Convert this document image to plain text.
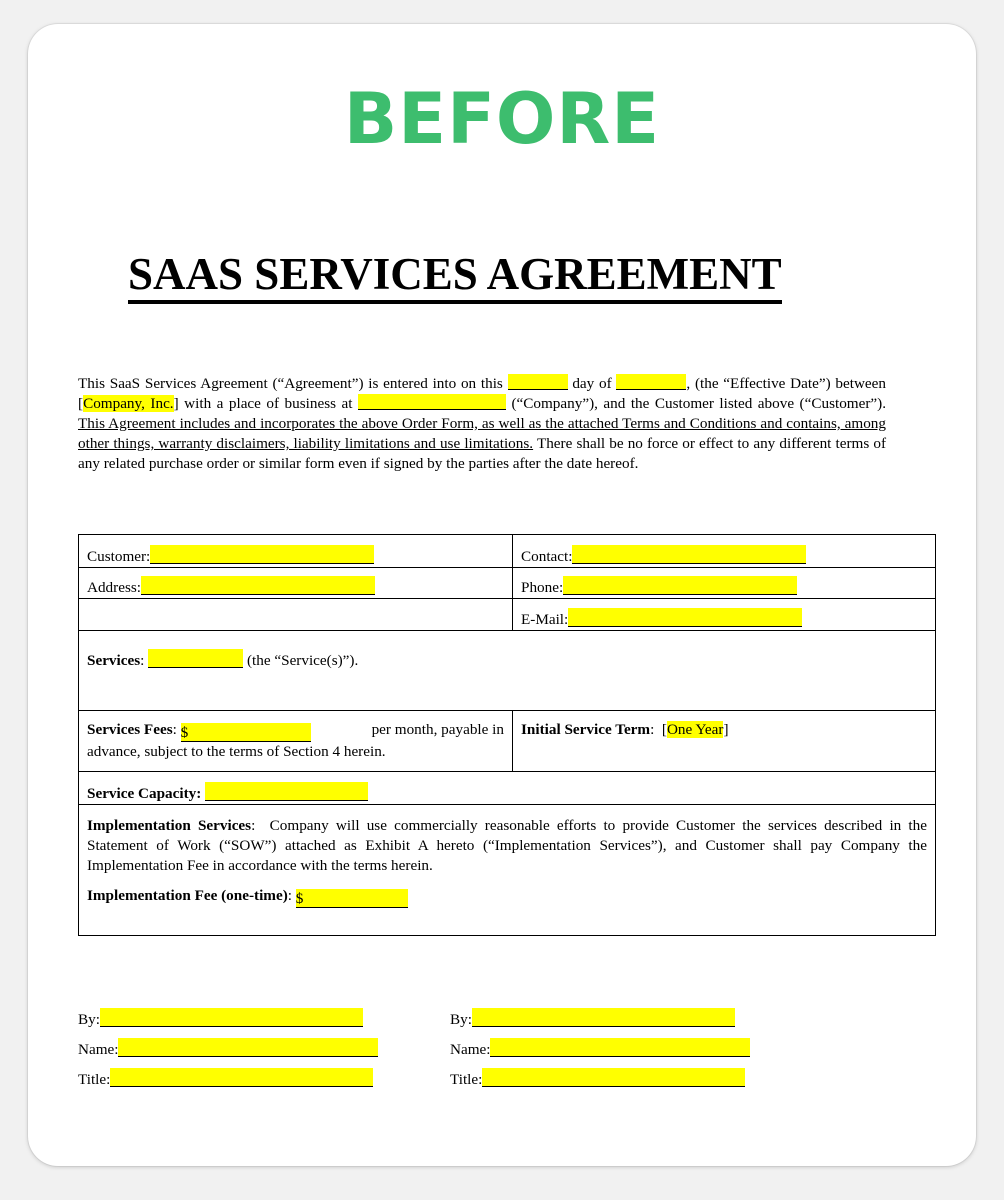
BEFORE
SAAS SERVICES AGREEMENT

This SaaS Services Agreement (“Agreement”) is entered into on this	day of	, (the “Effective Date”) between [Company, Inc.] with a place of business at	(“Company”), and the Customer listed above (“Customer”). This Agreement includes and incorporates the above Order Form, as well as the attached Terms and Conditions and contains, among other things, warranty disclaimers, liability limitations and use limitations. There shall be no force or effect to any different terms of any related purchase order or similar form even if signed by the parties after the date hereof.

Customer:	Contact:
Address:	Phone:
E-Mail:
Services:	(the “Service(s)”).
Services Fees: $	per month, payable in
advance, subject to the terms of Section 4 herein.
Initial Service Term:  [One Year]
Service Capacity:
Implementation Services:  Company will use commercially reasonable efforts to provide Customer the services described in the Statement of Work (“SOW”) attached as Exhibit A hereto (“Implementation Services”), and Customer shall pay Company the Implementation Fee in accordance with the terms herein.
Implementation Fee (one-time): $
By:
Name:
Title:
By:
Name:
Title:
